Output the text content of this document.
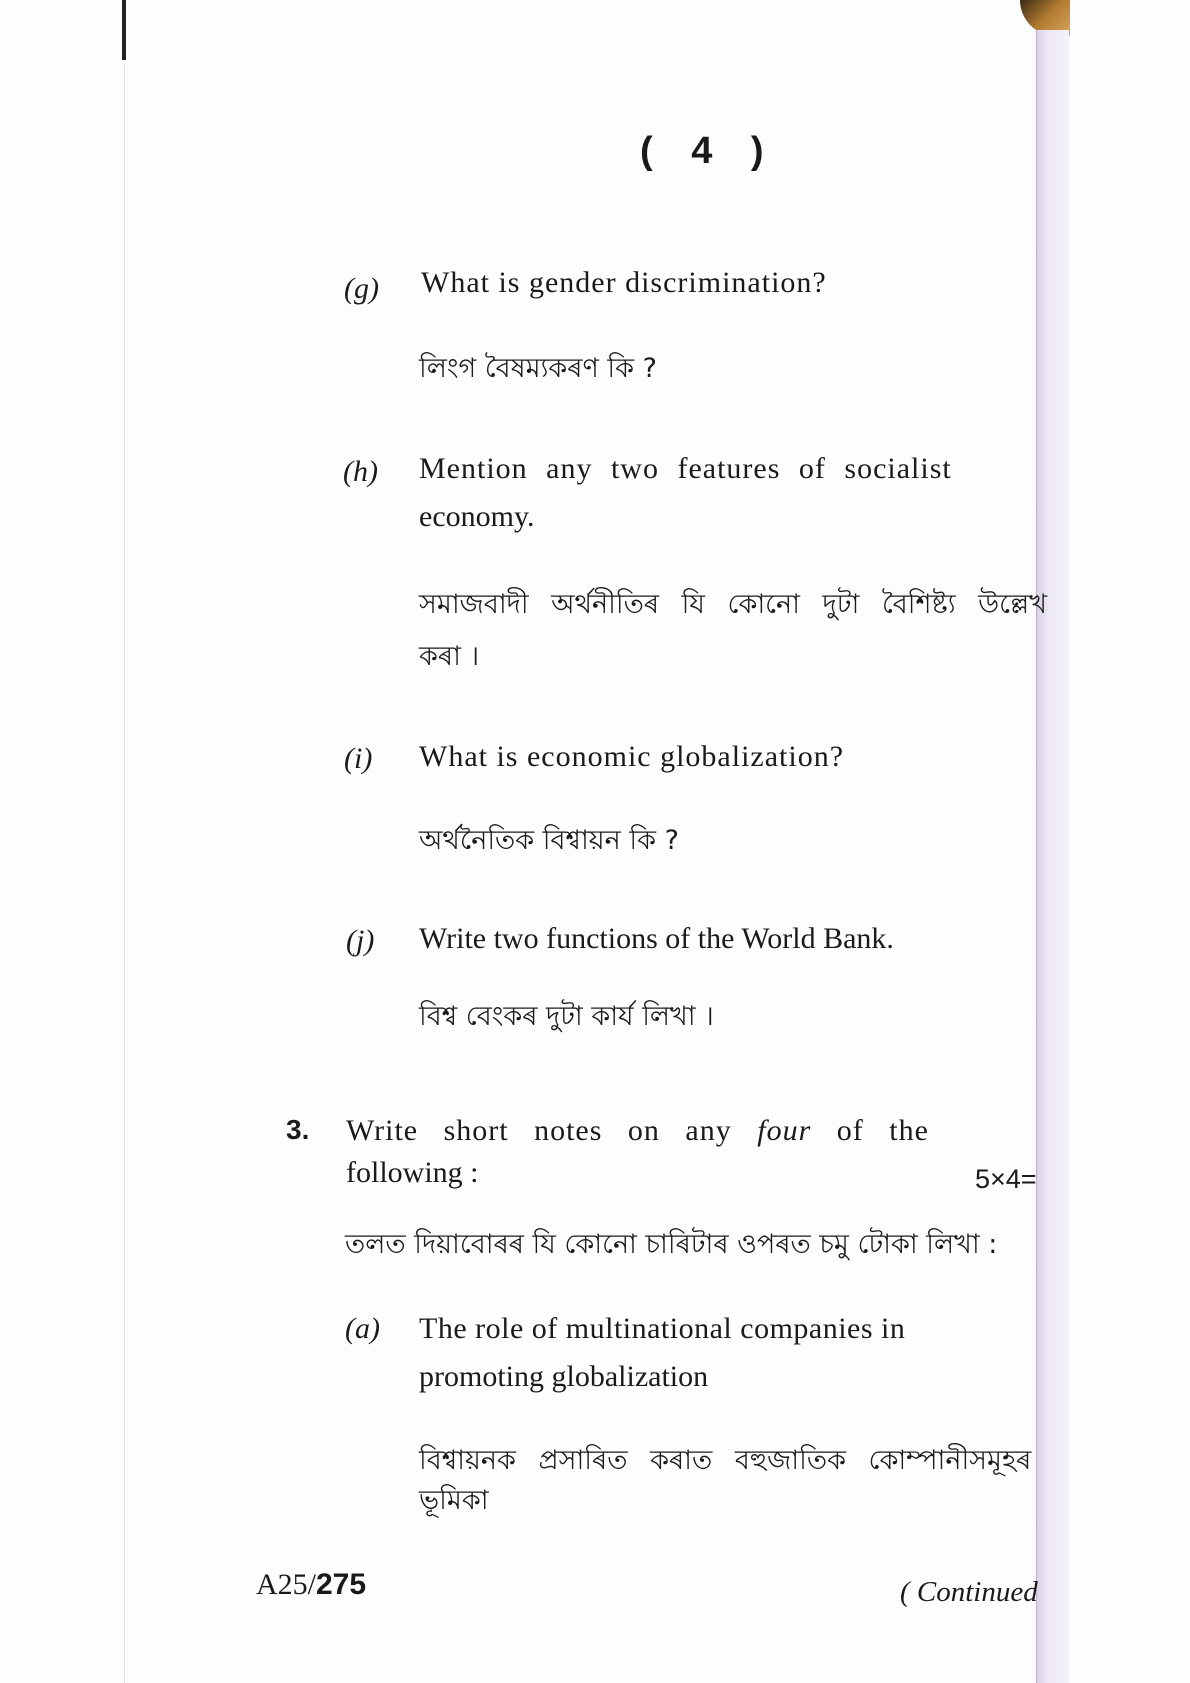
( 4 )
(g) What is gender discrimination?
লিংগ বৈষম্যকৰণ কি ?
(h) Mention any two features of socialist
economy.
সমাজবাদী অৰ্থনীতিৰ যি কোনো দুটা বৈশিষ্ট্য উল্লেখ
কৰা ।
(i) What is economic globalization?
অৰ্থনৈতিক বিশ্বায়ন কি ?
(j) Write two functions of the World Bank.
বিশ্ব বেংকৰ দুটা কাৰ্য লিখা ।
3. Write   short   notes   on   any four of   the
following :	5×4=
তলত দিয়াবোৰৰ যি কোনো চাৰিটাৰ ওপৰত চমু টোকা লিখা :
(a) The role of multinational companies in
promoting globalization
বিশ্বায়নক প্ৰসাৰিত কৰাত বহুজাতিক কোম্পানীসমূহৰ
ভূমিকা
A25/275	( Continued
